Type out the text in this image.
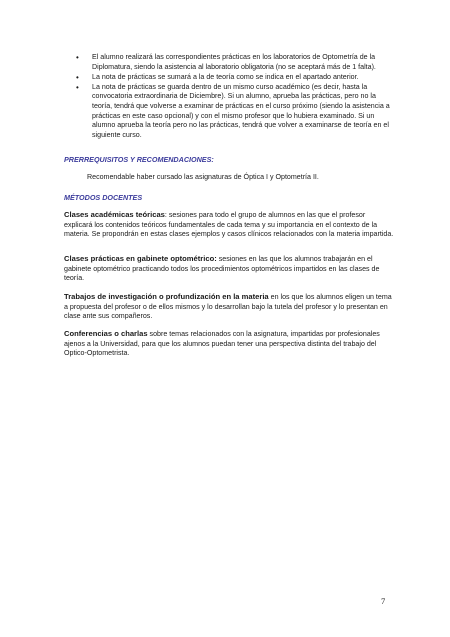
• El alumno realizará las correspondientes prácticas en los laboratorios de Optometría de la Diplomatura, siendo la asistencia al laboratorio obligatoria (no se aceptará más de 1 falta).
• La nota de prácticas se sumará a la de teoría como se indica en el apartado anterior.
• La nota de prácticas se guarda dentro de un mismo curso académico (es decir, hasta la convocatoria extraordinaria de Diciembre). Si un alumno, aprueba las prácticas, pero no la teoría, tendrá que volverse a examinar de prácticas en el curso próximo (siendo la asistencia a prácticas en este caso opcional) y con el mismo profesor que lo hubiera examinado. Si un alumno aprueba la teoría pero no las prácticas, tendrá que volver a examinarse de teoría en el siguiente curso.
PRERREQUISITOS Y RECOMENDACIONES:

Recomendable haber cursado las asignaturas de Óptica I y Optometría II.

MÉTODOS DOCENTES

Clases académicas teóricas: sesiones para todo el grupo de alumnos en las que el profesor explicará los contenidos teóricos fundamentales de cada tema y su importancia en el contexto de la materia. Se propondrán en estas clases ejemplos y casos clínicos relacionados con la materia impartida.

Clases prácticas en gabinete optométrico: sesiones en las que los alumnos trabajarán en el gabinete optométrico practicando todos los procedimientos optométricos impartidos en las clases de teoría.

Trabajos de investigación o profundización en la materia en los que los alumnos eligen un tema a propuesta del profesor o de ellos mismos y lo desarrollan bajo la tutela del profesor y lo presentan en clase ante sus compañeros.

Conferencias o charlas sobre temas relacionados con la asignatura, impartidas por profesionales ajenos a la Universidad, para que los alumnos puedan tener una perspectiva distinta del trabajo del Optico-Optometrista.

7
